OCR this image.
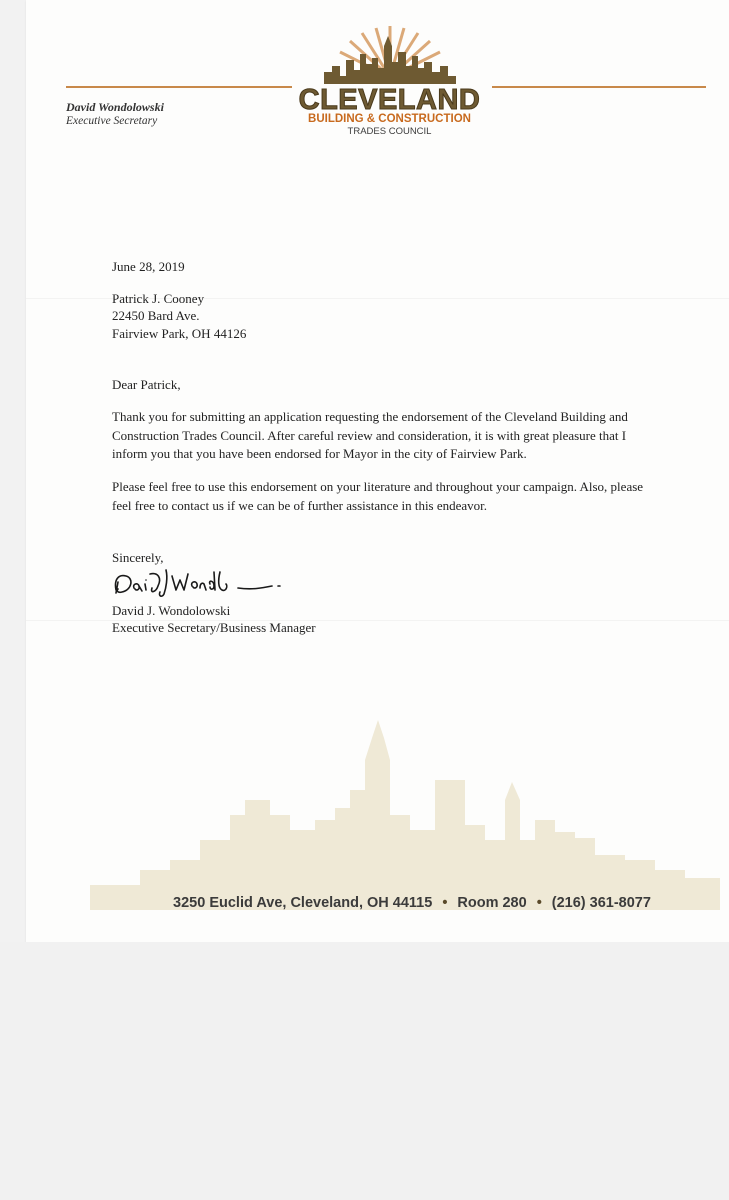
David Wondolowski
Executive Secretary
CLEVELAND
BUILDING & CONSTRUCTION
TRADES COUNCIL
June 28, 2019
Patrick J. Cooney
22450 Bard Ave.
Fairview Park, OH 44126
Dear Patrick,
Thank you for submitting an application requesting the endorsement of the Cleveland Building and
Construction Trades Council. After careful review and consideration, it is with great pleasure that I
inform you that you have been endorsed for Mayor in the city of Fairview Park.
Please feel free to use this endorsement on your literature and throughout your campaign. Also, please
feel free to contact us if we can be of further assistance in this endeavor.
Sincerely,
David J. Wondolowski
Executive Secretary/Business Manager
3250 Euclid Ave, Cleveland, OH 44115 • Room 280 • (216) 361-8077
